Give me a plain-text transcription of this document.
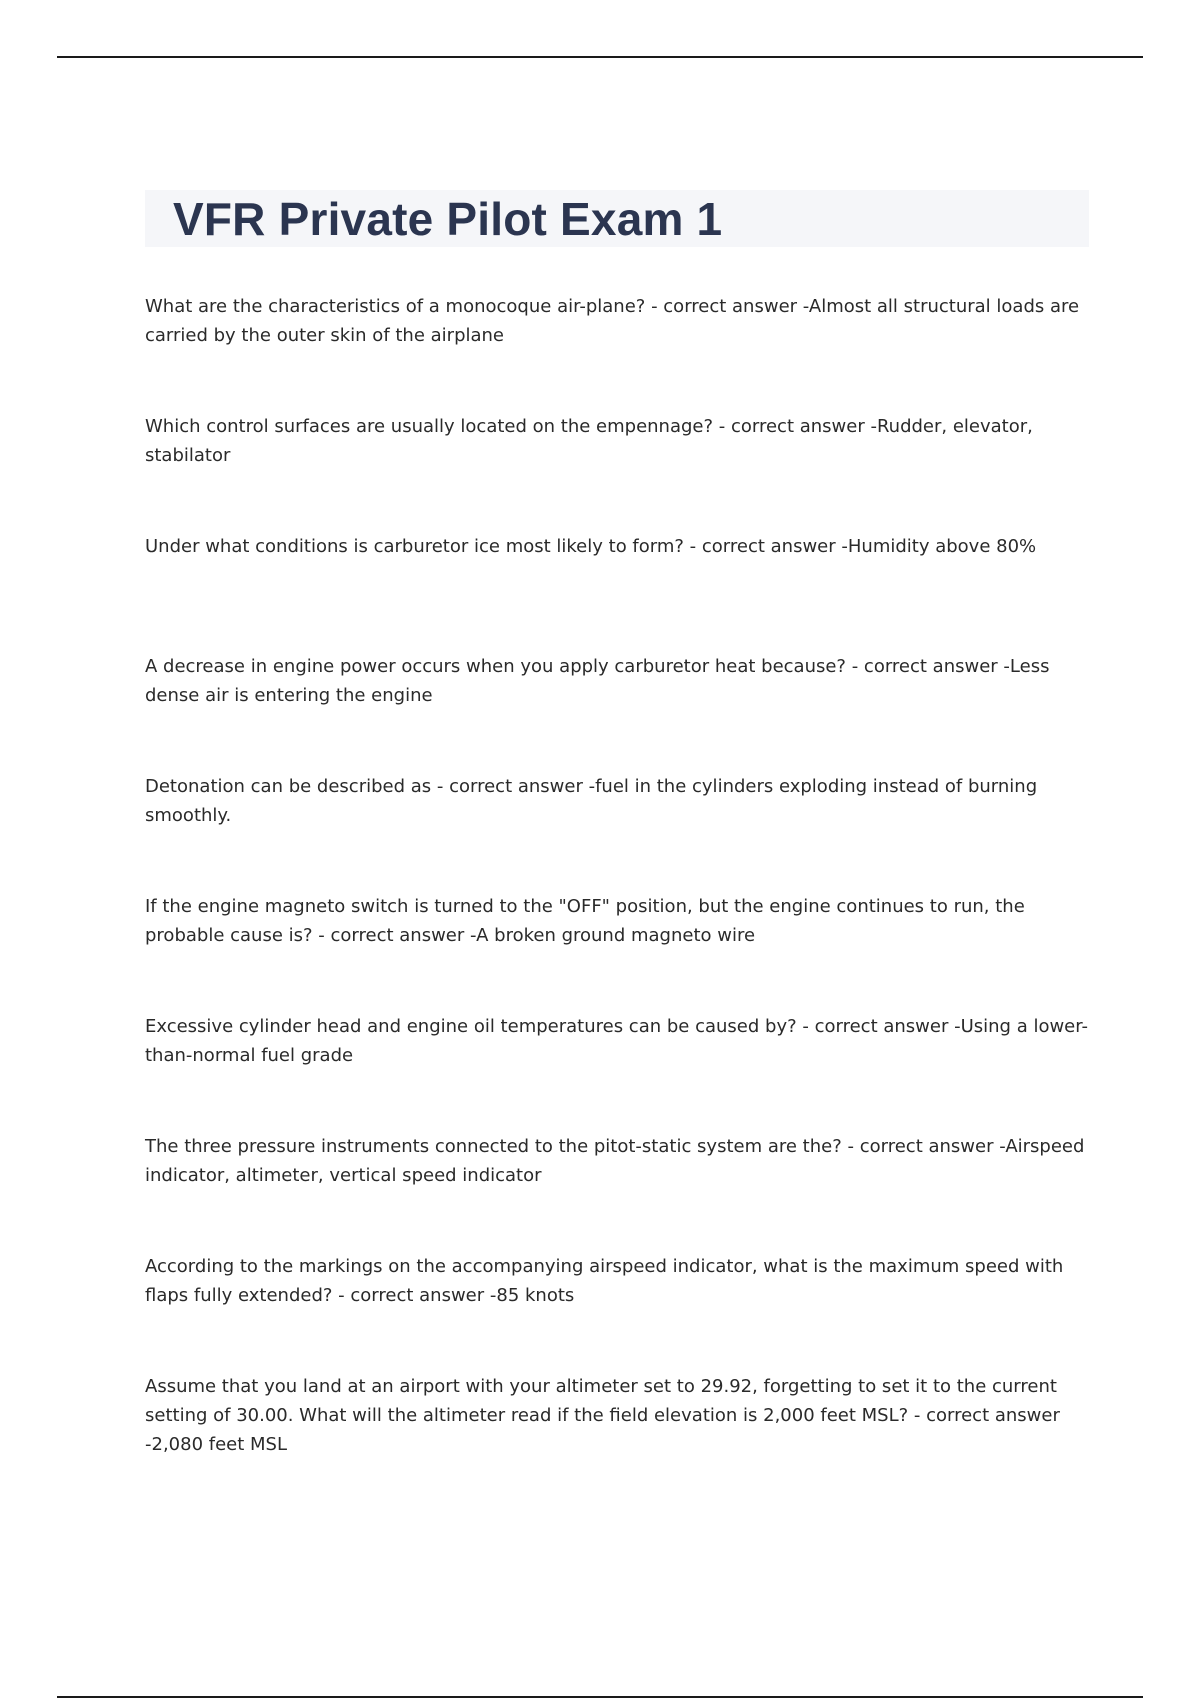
VFR Private Pilot Exam 1
What are the characteristics of a monocoque air-plane? - correct answer -Almost all structural loads are carried by the outer skin of the airplane
Which control surfaces are usually located on the empennage? - correct answer -Rudder, elevator, stabilator
Under what conditions is carburetor ice most likely to form? - correct answer -Humidity above 80%
A decrease in engine power occurs when you apply carburetor heat because? - correct answer -Less dense air is entering the engine
Detonation can be described as - correct answer -fuel in the cylinders exploding instead of burning smoothly.
If the engine magneto switch is turned to the "OFF" position, but the engine continues to run, the probable cause is? - correct answer -A broken ground magneto wire
Excessive cylinder head and engine oil temperatures can be caused by? - correct answer -Using a lower-than-normal fuel grade
The three pressure instruments connected to the pitot-static system are the? - correct answer -Airspeed indicator, altimeter, vertical speed indicator
According to the markings on the accompanying airspeed indicator, what is the maximum speed with flaps fully extended? - correct answer -85 knots
Assume that you land at an airport with your altimeter set to 29.92, forgetting to set it to the current setting of 30.00. What will the altimeter read if the field elevation is 2,000 feet MSL? - correct answer -2,080 feet MSL
